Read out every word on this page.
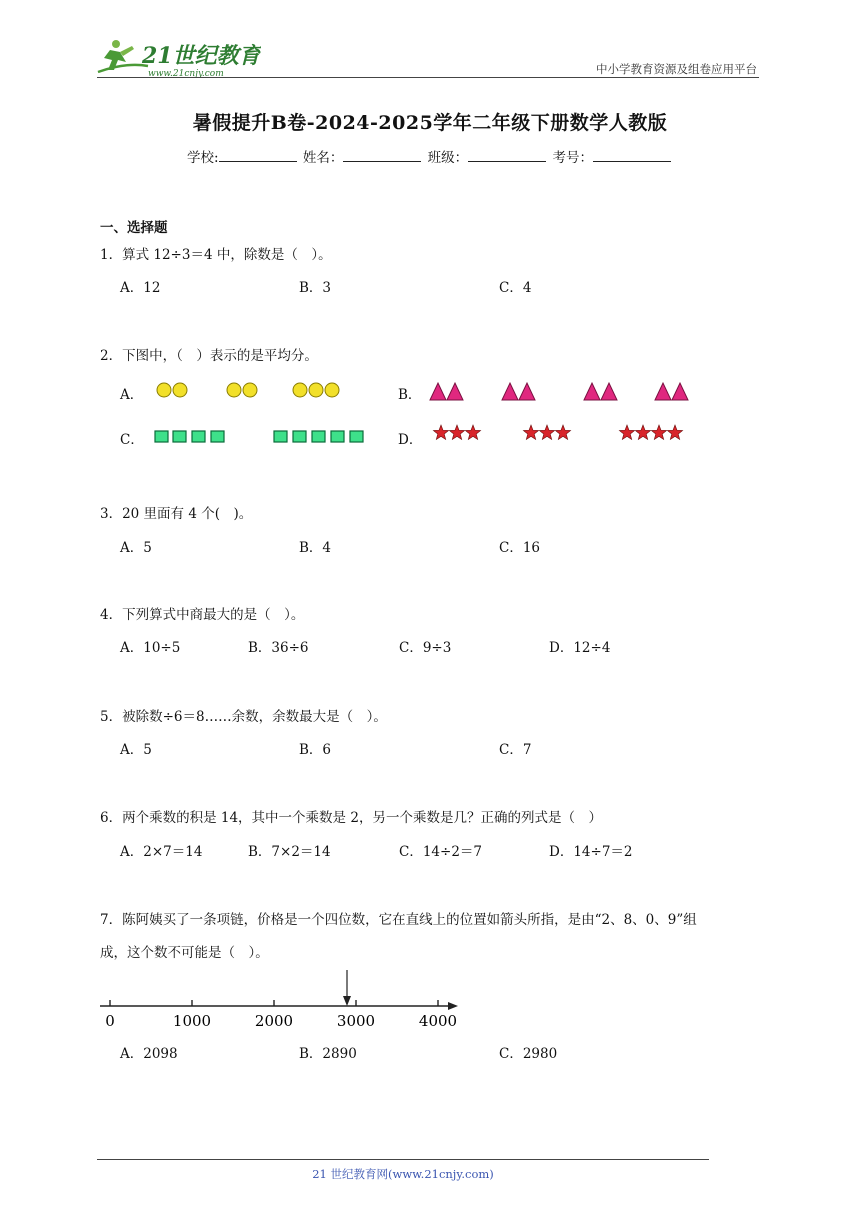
21世纪教育
www.21cnjy.com	中小学教育资源及组卷应用平台
暑假提升B卷-2024-2025学年二年级下册数学人教版
学校:	姓名：	班级：	考号：
一、选择题
1．算式 12÷3＝4 中，除数是（　）。
A．12	B．3	C．4
2．下图中，（　）表示的是平均分。
A．	B．
C．	D．
3．20 里面有 4 个(　)。
A．5	B．4	C．16
4．下列算式中商最大的是（　）。
A．10÷5	B．36÷6	C．9÷3	D．12÷4
5．被除数÷6＝8……余数，余数最大是（　）。
A．5	B．6	C．7
6．两个乘数的积是 14，其中一个乘数是 2，另一个乘数是几？正确的列式是（　）
A．2×7＝14	B．7×2＝14	C．14÷2＝7	D．14÷7＝2
7．陈阿姨买了一条项链，价格是一个四位数，它在直线上的位置如箭头所指，是由“2、8、0、9”组
成，这个数不可能是（　）。
0	1000	2000	3000	4000
A．2098	B．2890	C．2980
21 世纪教育网(www.21cnjy.com)
